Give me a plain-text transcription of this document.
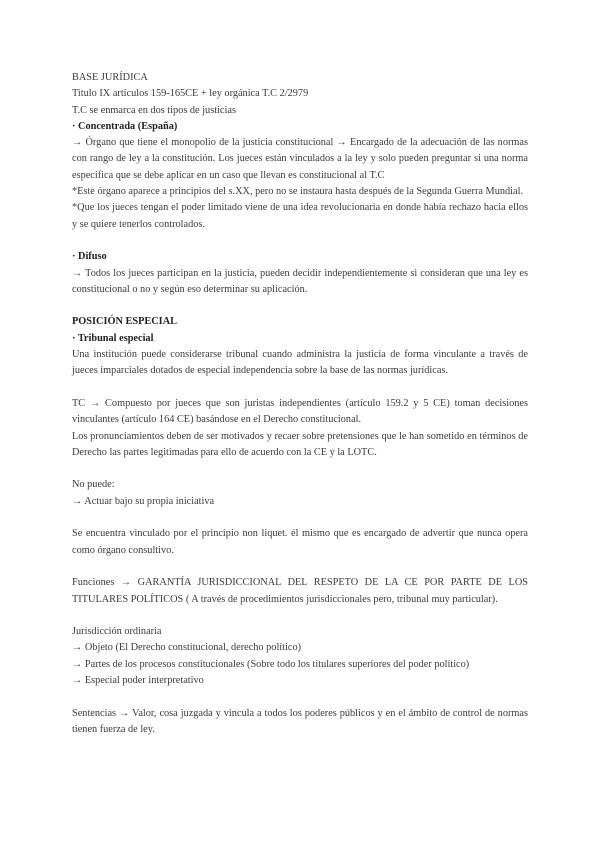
BASE JURÍDICA

Titulo IX artículos 159-165CE + ley orgánica T.C 2/2979

T.C se enmarca en dos tipos de justicias

· Concentrada (España)

→ Órgano que tiene el monopolio de la justicia constitucional → Encargado de la adecuación de las normas con rango de ley a la constitución. Los jueces están vinculados a la ley y solo pueden preguntar si una norma especifica que se debe aplicar en un caso que llevan es constitucional al T.C

*Este órgano aparece a principios del s.XX, pero no se instaura hasta después de la Segunda Guerra Mundial.

*Que los jueces tengan el poder limitado viene de una idea revolucionaria en donde había rechazo hacia ellos y se quiere tenerlos controlados.

· Difuso

→ Todos los jueces participan en la justicia, pueden decidir independientemente si consideran que una ley es constitucional o no y según eso determinar su aplicación.

POSICIÓN ESPECIAL

· Tribunal especial

Una institución puede considerarse tribunal cuando administra la justicia de forma vinculante a través de jueces imparciales dotados de especial independencia sobre la base de las normas jurídicas.

TC → Compuesto por jueces que son juristas independientes (artículo 159.2 y 5 CE) toman decisiones vinculantes (artículo 164 CE) basándose en el Derecho constitucional.

Los pronunciamientos deben de ser motivados y recaer sobre pretensiones que le han sometido en términos de Derecho las partes legitimadas para ello de acuerdo con la CE y la LOTC.

No puede:

→ Actuar bajo su propia iniciativa

Se encuentra vinculado por el principio non liquet. él mismo que es encargado de advertir que nunca opera como órgano consultivo.

Funciones → GARANTÍA JURISDICCIONAL DEL RESPETO DE LA CE POR PARTE DE LOS TITULARES POLÍTICOS ( A través de procedimientos jurisdiccionales pero, tribunal muy particular).

Jurisdicción ordinaria

→ Objeto (El Derecho constitucional, derecho político)

→ Partes de los procesos constitucionales (Sobre todo los titulares superiores del poder político)

→ Especial poder interpretativo

Sentencias → Valor, cosa juzgada y vincula a todos los poderes públicos y en el ámbito de control de normas tienen fuerza de ley.
